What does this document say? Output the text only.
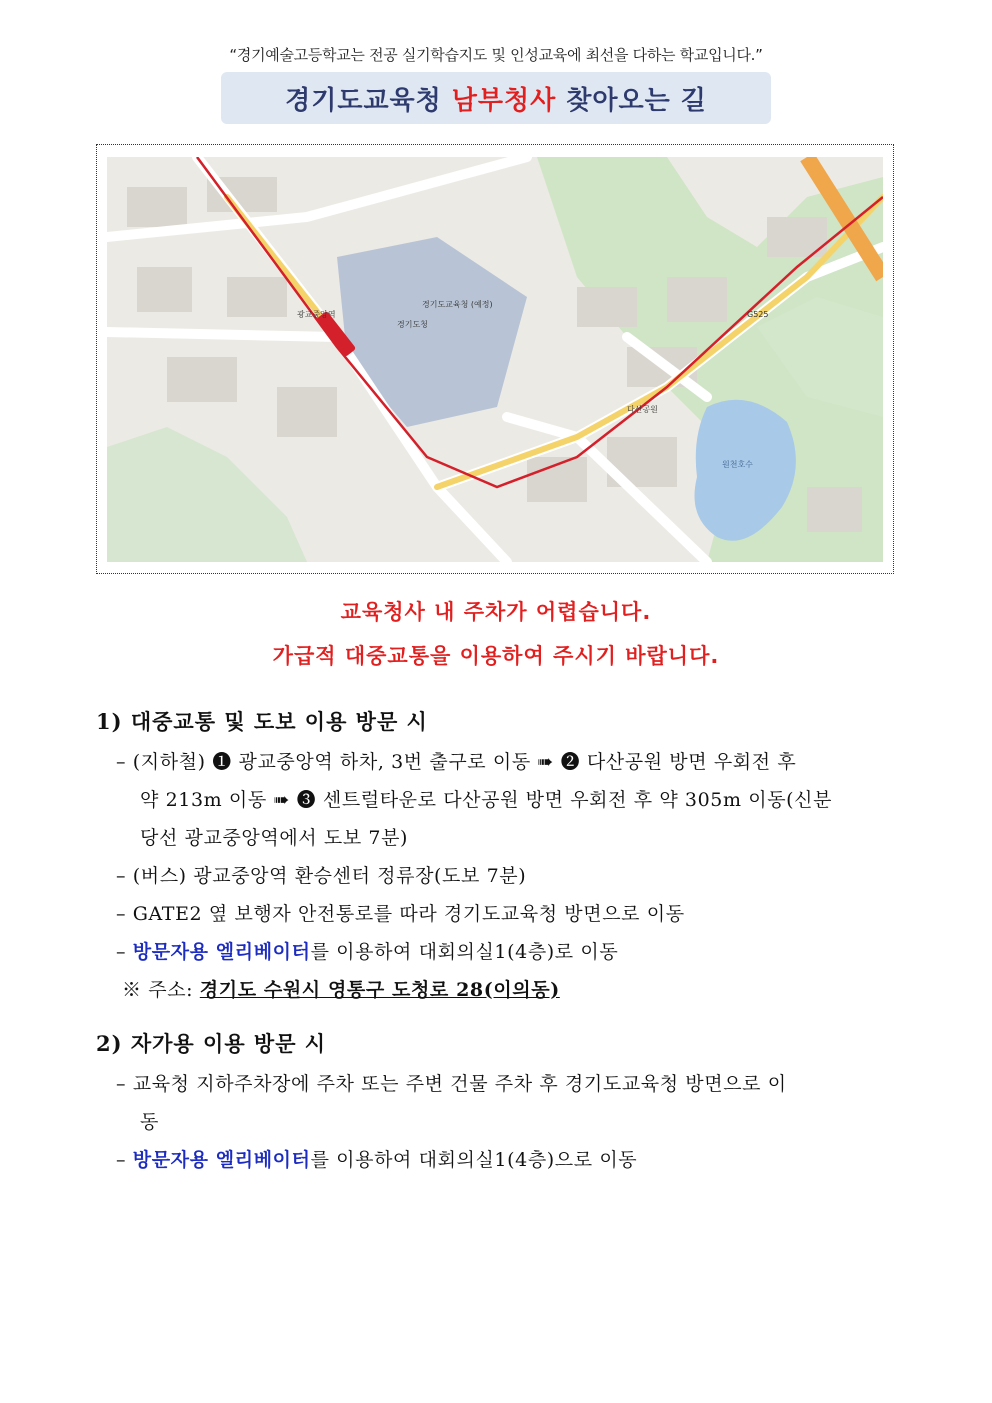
“경기예술고등학교는 전공 실기학습지도 및 인성교육에 최선을 다하는 학교입니다.”
경기도교육청 남부청사 찾아오는 길
경기도청
경기도교육청 (예정)
다산공원
광교중앙역
원천호수
G525
교육청사 내 주차가 어렵습니다.
가급적 대중교통을 이용하여 주시기 바랍니다.
1) 대중교통 및 도보 이용 방문 시
– (지하철) ❶ 광교중앙역 하차, 3번 출구로 이동 ➠ ❷ 다산공원 방면 우회전 후
약 213m 이동 ➠ ❸ 센트럴타운로 다산공원 방면 우회전 후 약 305m 이동(신분
당선 광교중앙역에서 도보 7분)
– (버스) 광교중앙역 환승센터 정류장(도보 7분)
– GATE2 옆 보행자 안전통로를 따라 경기도교육청 방면으로 이동
– 방문자용 엘리베이터를 이용하여 대회의실1(4층)로 이동
※ 주소: 경기도 수원시 영통구 도청로 28(이의동)
2) 자가용 이용 방문 시
– 교육청 지하주차장에 주차 또는 주변 건물 주차 후 경기도교육청 방면으로 이
동
– 방문자용 엘리베이터를 이용하여 대회의실1(4층)으로 이동
